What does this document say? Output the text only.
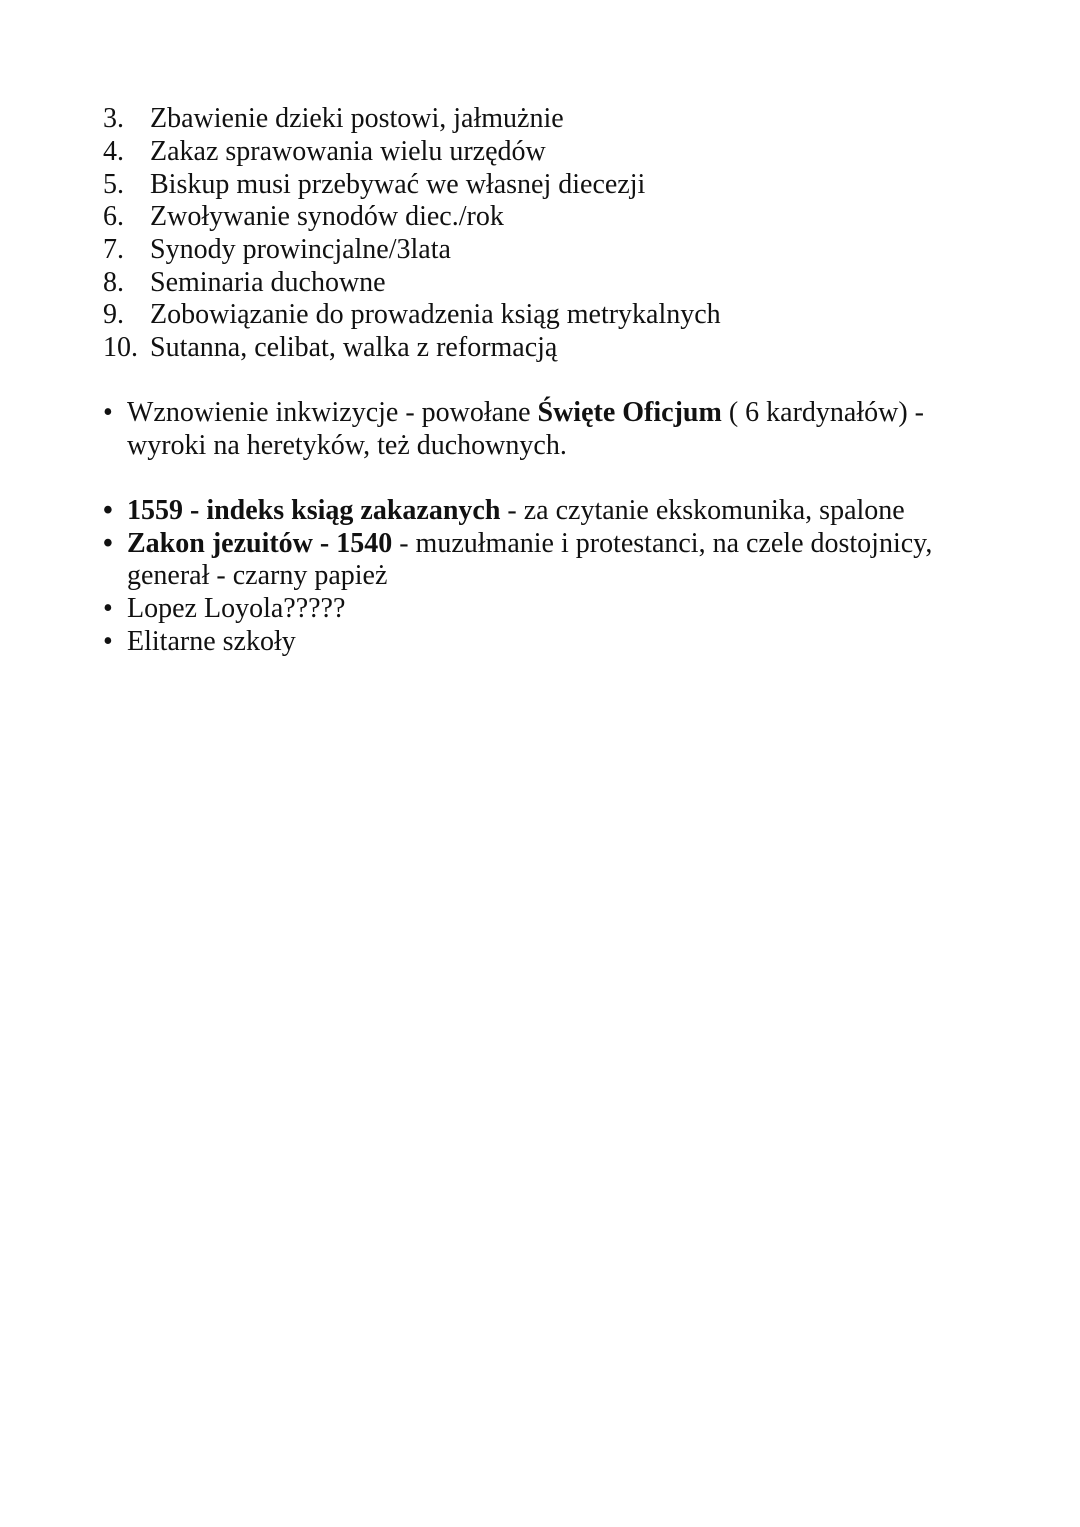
3. Zbawienie dzieki postowi, jałmużnie
4. Zakaz sprawowania wielu urzędów
5. Biskup musi przebywać we własnej diecezji
6. Zwoływanie synodów diec./rok
7. Synody prowincjalne/3lata
8. Seminaria duchowne
9. Zobowiązanie do prowadzenia ksiąg metrykalnych
10. Sutanna, celibat, walka z reformacją
• Wznowienie inkwizycje - powołane Święte Oficjum ( 6 kardynałów) -
wyroki na heretyków, też duchownych.
• 1559 - indeks ksiąg zakazanych - za czytanie ekskomunika, spalone
• Zakon jezuitów - 1540 - muzułmanie i protestanci, na czele dostojnicy,
generał - czarny papież
• Lopez Loyola?????
• Elitarne szkoły
